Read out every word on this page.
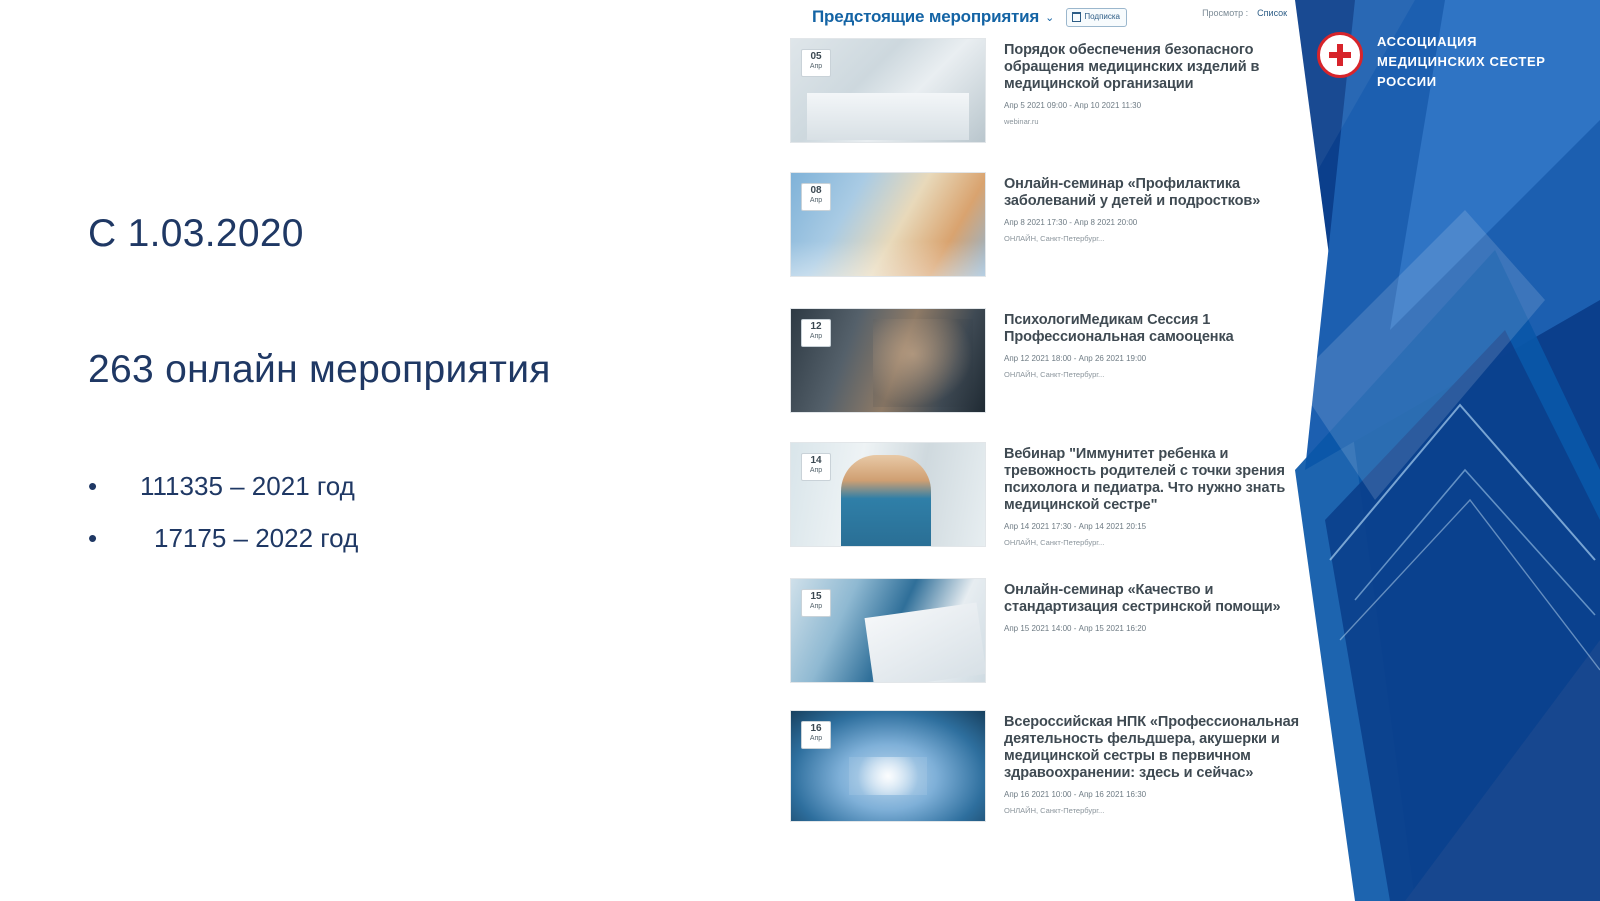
С 1.03.2020
263 онлайн мероприятия
•	111335 – 2021 год
•	17175 – 2022 год
Предстоящие мероприятия ⌄	Подписка	Просмотр : Список
05
Апр
Порядок обеспечения безопасного обращения медицинских изделий в медицинской организации
Апр 5 2021 09:00 - Апр 10 2021 11:30
webinar.ru
08
Апр
Онлайн-семинар «Профилактика заболеваний у детей и подростков»
Апр 8 2021 17:30 - Апр 8 2021 20:00
ОНЛАЙН, Санкт-Петербург...
12
Апр
ПсихологиМедикам Сессия 1 Профессиональная самооценка
Апр 12 2021 18:00 - Апр 26 2021 19:00
ОНЛАЙН, Санкт-Петербург...
14
Апр
Вебинар "Иммунитет ребенка и тревожность родителей с точки зрения психолога и педиатра. Что нужно знать медицинской сестре"
Апр 14 2021 17:30 - Апр 14 2021 20:15
ОНЛАЙН, Санкт-Петербург...
15
Апр
Онлайн-семинар «Качество и стандартизация сестринской помощи»
Апр 15 2021 14:00 - Апр 15 2021 16:20
16
Апр
Всероссийская НПК «Профессиональная деятельность фельдшера, акушерки и медицинской сестры в первичном здравоохранении: здесь и сейчас»
Апр 16 2021 10:00 - Апр 16 2021 16:30
ОНЛАЙН, Санкт-Петербург...
АССОЦИАЦИЯ
МЕДИЦИНСКИХ СЕСТЕР
РОССИИ
